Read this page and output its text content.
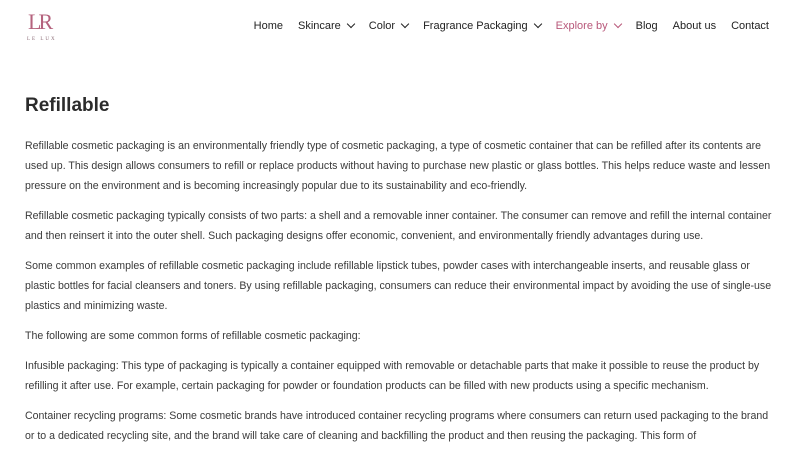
LR
LE LUX
Home Skincare	Color	Fragrance Packaging	Explore by	Blog About us Contact
Refillable

Refillable cosmetic packaging is an environmentally friendly type of cosmetic packaging, a type of cosmetic container that can be refilled after its contents are used up. This design allows consumers to refill or replace products without having to purchase new plastic or glass bottles. This helps reduce waste and lessen pressure on the environment and is becoming increasingly popular due to its sustainability and eco-friendly.

Refillable cosmetic packaging typically consists of two parts: a shell and a removable inner container. The consumer can remove and refill the internal container and then reinsert it into the outer shell. Such packaging designs offer economic, convenient, and environmentally friendly advantages during use.

Some common examples of refillable cosmetic packaging include refillable lipstick tubes, powder cases with interchangeable inserts, and reusable glass or plastic bottles for facial cleansers and toners. By using refillable packaging, consumers can reduce their environmental impact by avoiding the use of single-use plastics and minimizing waste.

The following are some common forms of refillable cosmetic packaging:

Infusible packaging: This type of packaging is typically a container equipped with removable or detachable parts that make it possible to reuse the product by refilling it after use. For example, certain packaging for powder or foundation products can be filled with new products using a specific mechanism.

Container recycling programs: Some cosmetic brands have introduced container recycling programs where consumers can return used packaging to the brand or to a dedicated recycling site, and the brand will take care of cleaning and backfilling the product and then reusing the packaging. This form of
